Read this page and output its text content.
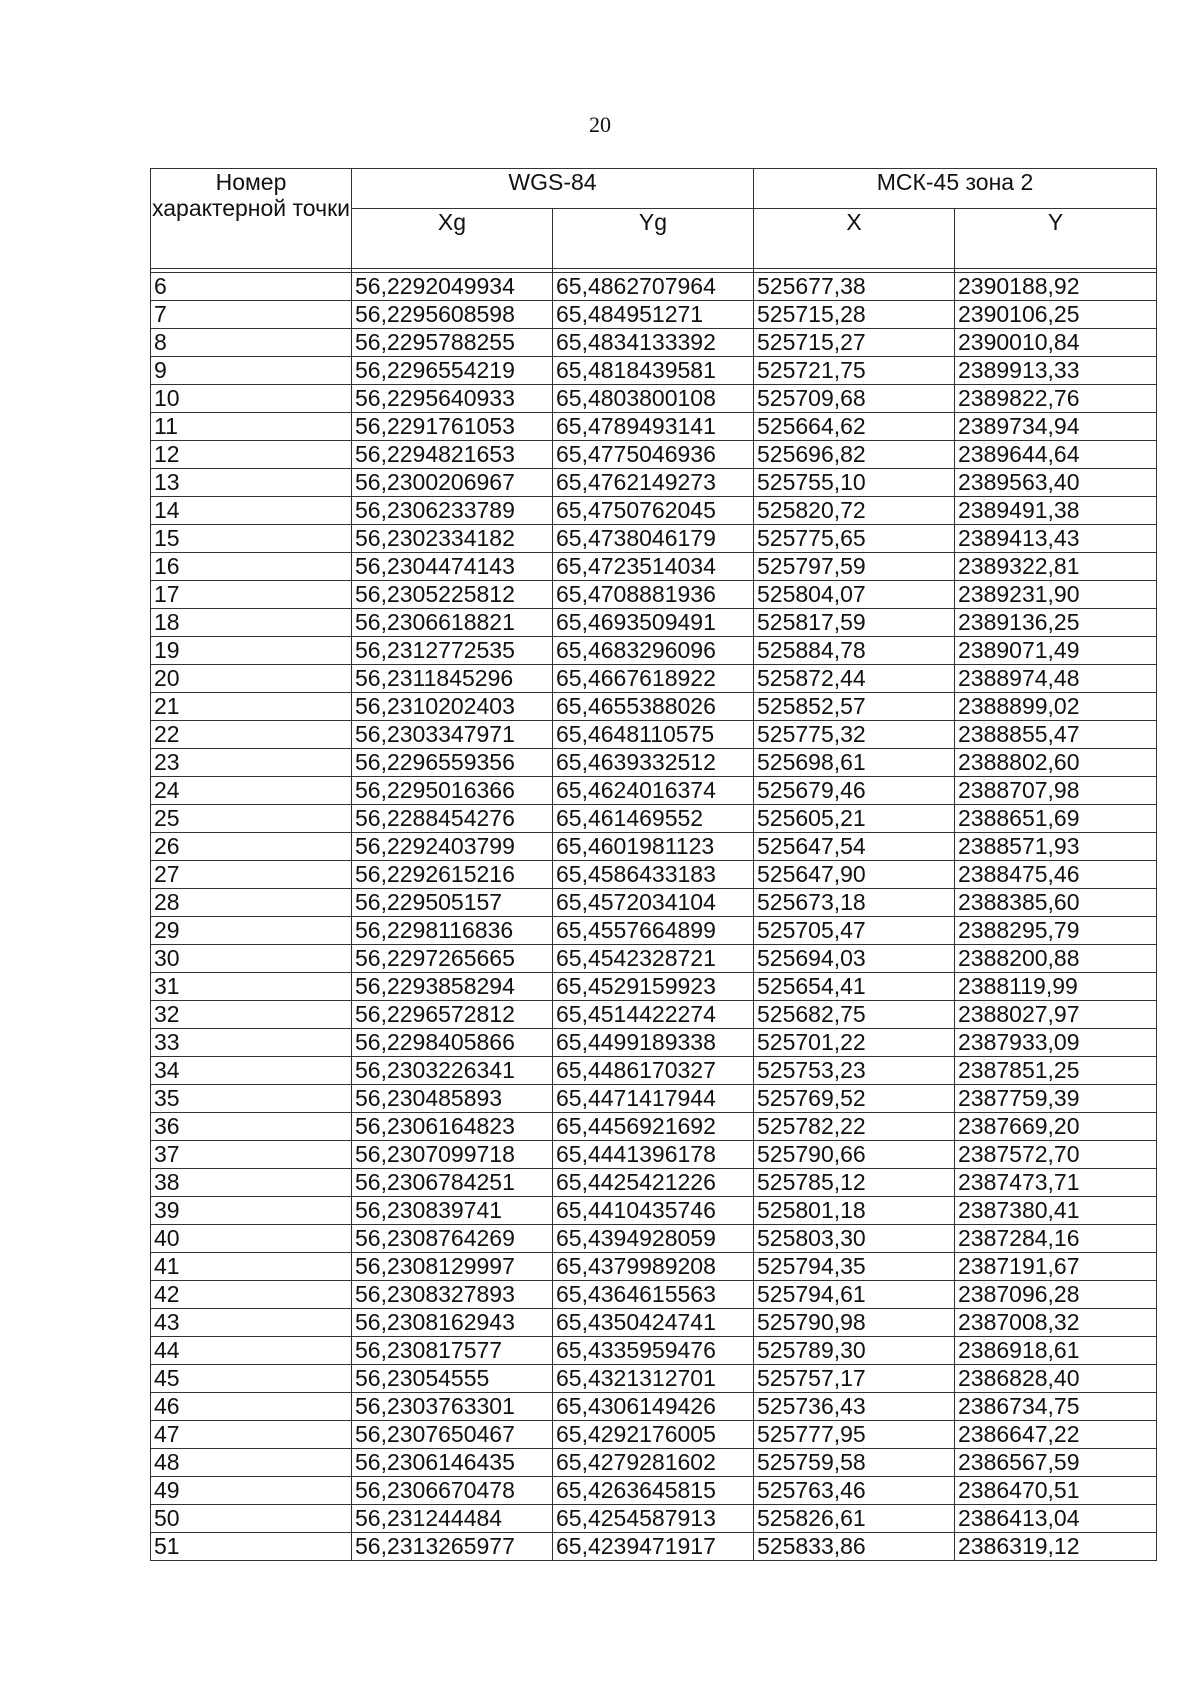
20
Номер характерной точки	WGS-84		МСК-45 зона 2	
	Xg	Yg	X	Y

6	56,2292049934	65,4862707964	525677,38	2390188,92
7	56,2295608598	65,484951271	525715,28	2390106,25
8	56,2295788255	65,4834133392	525715,27	2390010,84
9	56,2296554219	65,4818439581	525721,75	2389913,33
10	56,2295640933	65,4803800108	525709,68	2389822,76
11	56,2291761053	65,4789493141	525664,62	2389734,94
12	56,2294821653	65,4775046936	525696,82	2389644,64
13	56,2300206967	65,4762149273	525755,10	2389563,40
14	56,2306233789	65,4750762045	525820,72	2389491,38
15	56,2302334182	65,4738046179	525775,65	2389413,43
16	56,2304474143	65,4723514034	525797,59	2389322,81
17	56,2305225812	65,4708881936	525804,07	2389231,90
18	56,2306618821	65,4693509491	525817,59	2389136,25
19	56,2312772535	65,4683296096	525884,78	2389071,49
20	56,2311845296	65,4667618922	525872,44	2388974,48
21	56,2310202403	65,4655388026	525852,57	2388899,02
22	56,2303347971	65,4648110575	525775,32	2388855,47
23	56,2296559356	65,4639332512	525698,61	2388802,60
24	56,2295016366	65,4624016374	525679,46	2388707,98
25	56,2288454276	65,461469552	525605,21	2388651,69
26	56,2292403799	65,4601981123	525647,54	2388571,93
27	56,2292615216	65,4586433183	525647,90	2388475,46
28	56,229505157	65,4572034104	525673,18	2388385,60
29	56,2298116836	65,4557664899	525705,47	2388295,79
30	56,2297265665	65,4542328721	525694,03	2388200,88
31	56,2293858294	65,4529159923	525654,41	2388119,99
32	56,2296572812	65,4514422274	525682,75	2388027,97
33	56,2298405866	65,4499189338	525701,22	2387933,09
34	56,2303226341	65,4486170327	525753,23	2387851,25
35	56,230485893	65,4471417944	525769,52	2387759,39
36	56,2306164823	65,4456921692	525782,22	2387669,20
37	56,2307099718	65,4441396178	525790,66	2387572,70
38	56,2306784251	65,4425421226	525785,12	2387473,71
39	56,230839741	65,4410435746	525801,18	2387380,41
40	56,2308764269	65,4394928059	525803,30	2387284,16
41	56,2308129997	65,4379989208	525794,35	2387191,67
42	56,2308327893	65,4364615563	525794,61	2387096,28
43	56,2308162943	65,4350424741	525790,98	2387008,32
44	56,230817577	65,4335959476	525789,30	2386918,61
45	56,23054555	65,4321312701	525757,17	2386828,40
46	56,2303763301	65,4306149426	525736,43	2386734,75
47	56,2307650467	65,4292176005	525777,95	2386647,22
48	56,2306146435	65,4279281602	525759,58	2386567,59
49	56,2306670478	65,4263645815	525763,46	2386470,51
50	56,231244484	65,4254587913	525826,61	2386413,04
51	56,2313265977	65,4239471917	525833,86	2386319,12
